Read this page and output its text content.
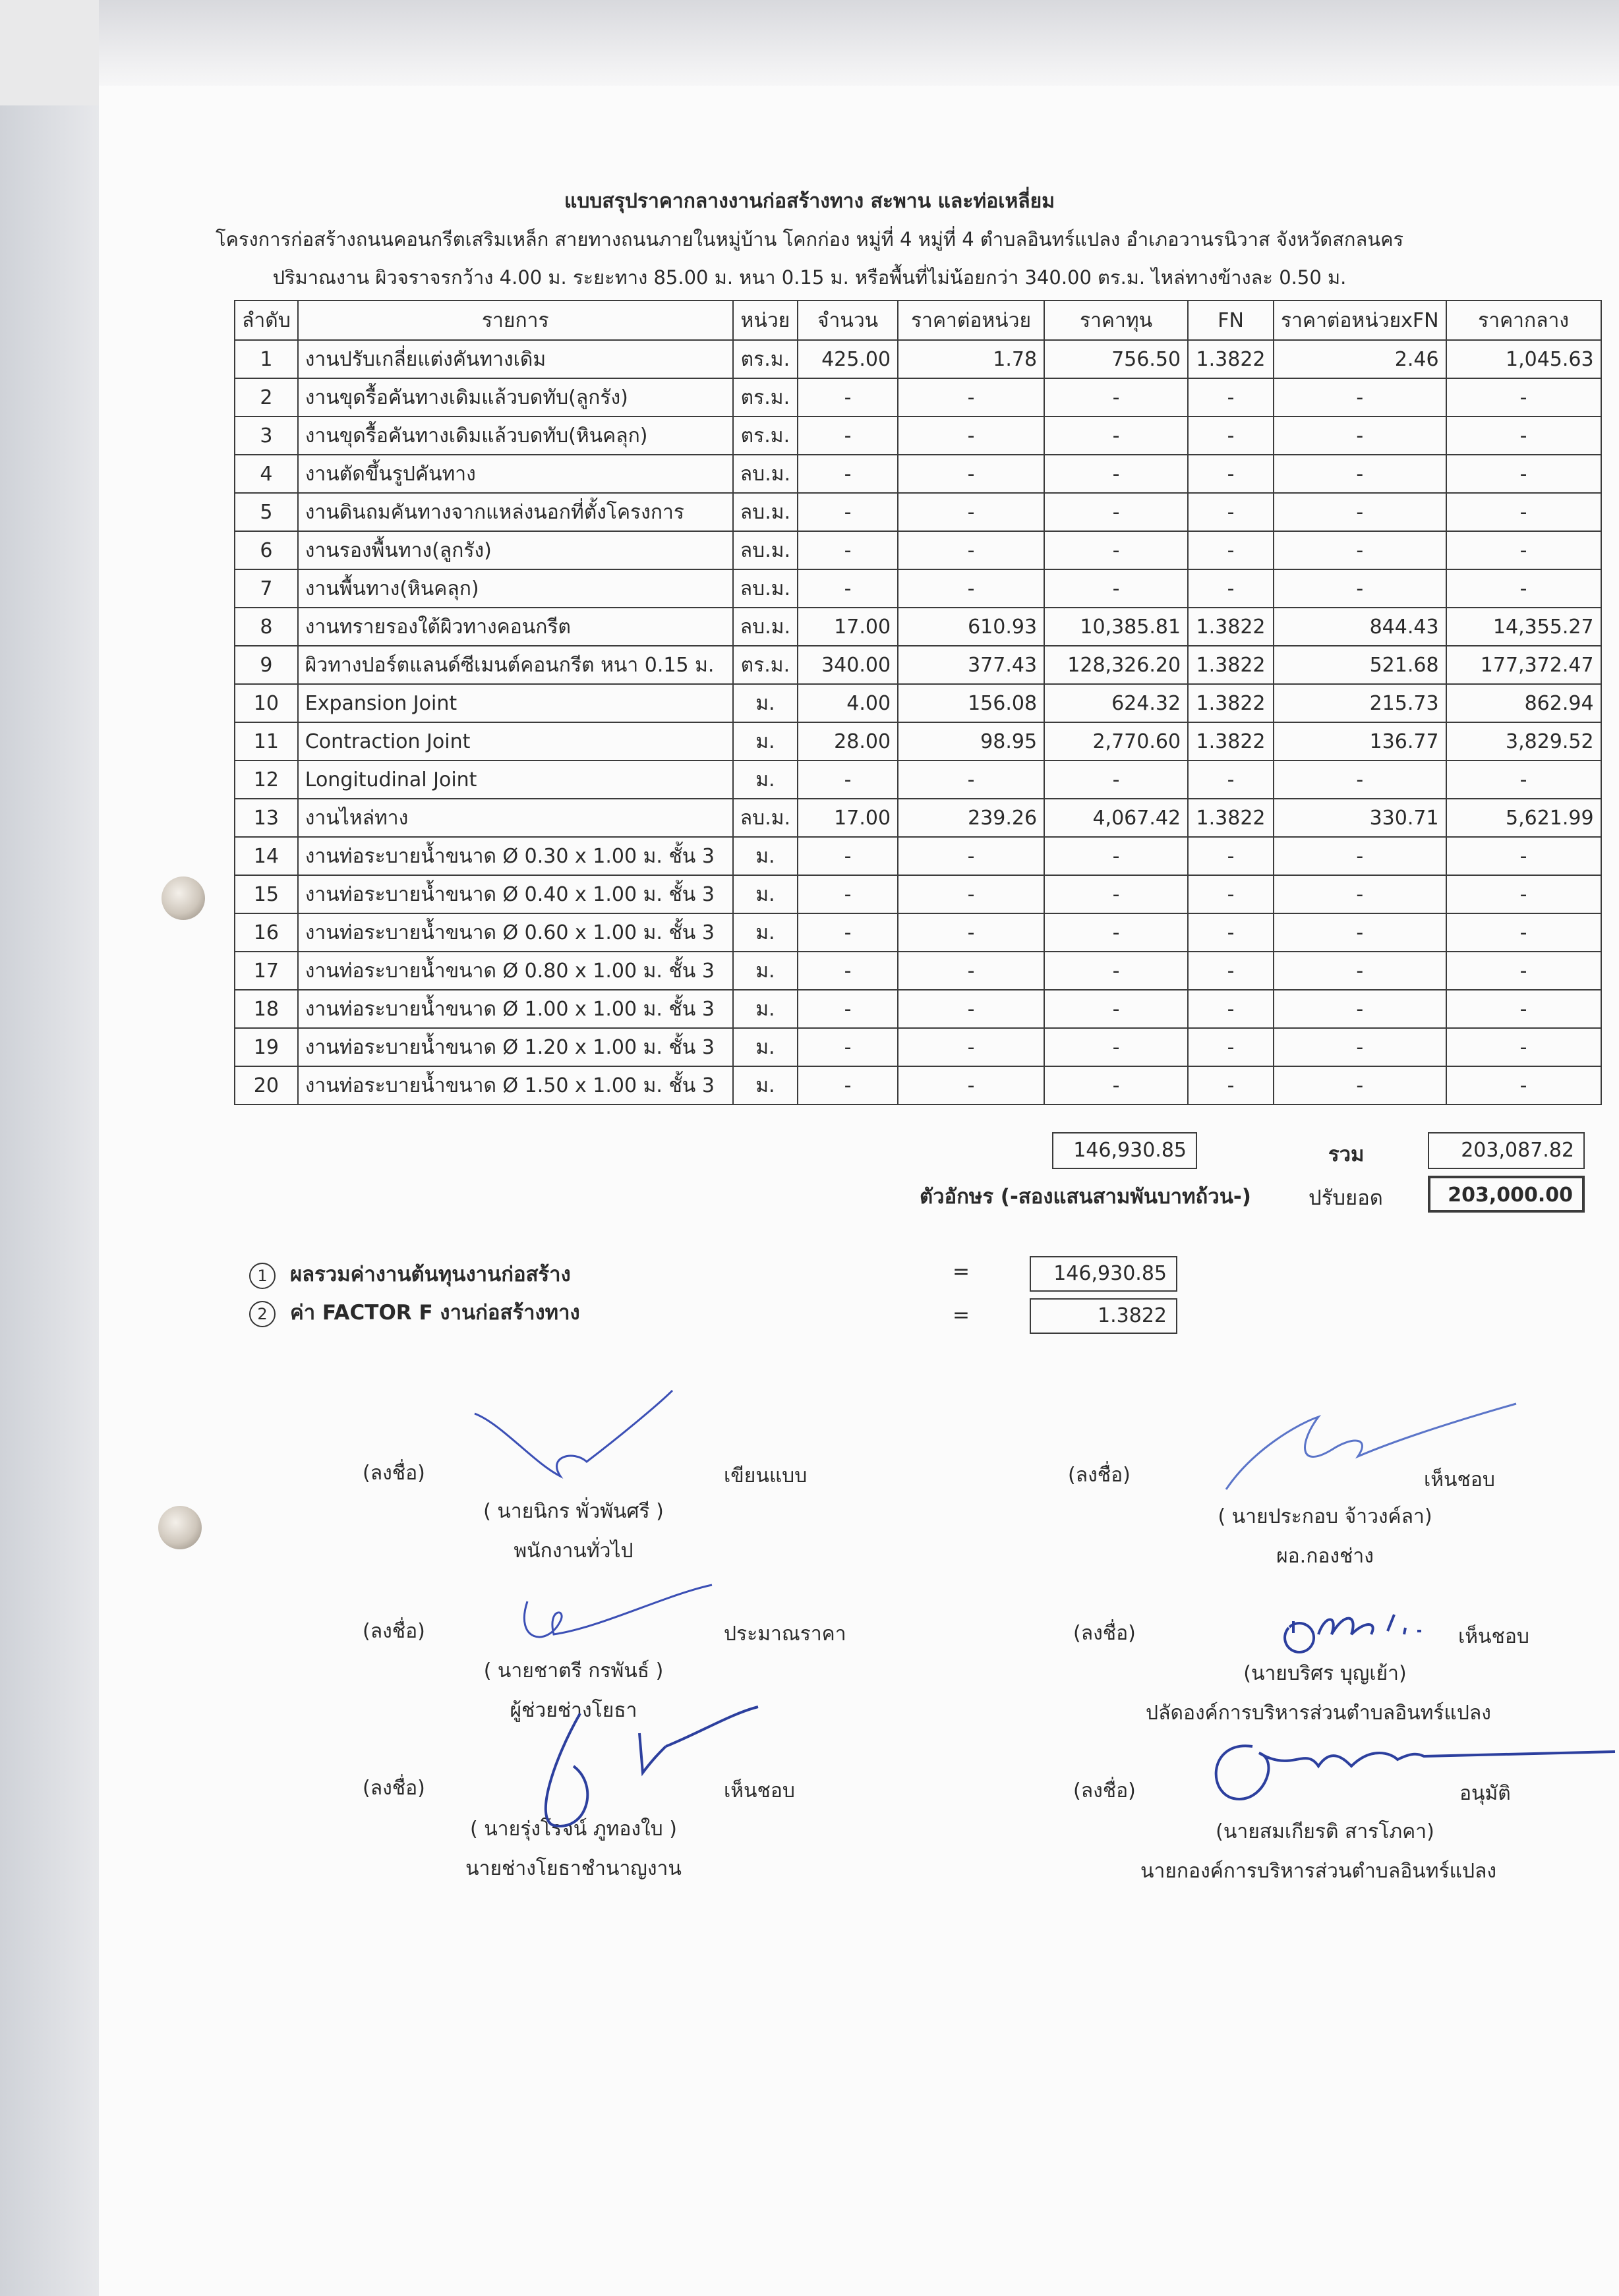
แบบสรุปราคากลางงานก่อสร้างทาง สะพาน และท่อเหลี่ยม
โครงการก่อสร้างถนนคอนกรีตเสริมเหล็ก สายทางถนนภายในหมู่บ้าน โคกก่อง หมู่ที่ 4 หมู่ที่ 4 ตำบลอินทร์แปลง อำเภอวานรนิวาส จังหวัดสกลนคร
ปริมาณงาน ผิวจราจรกว้าง 4.00 ม. ระยะทาง 85.00 ม. หนา 0.15 ม. หรือพื้นที่ไม่น้อยกว่า 340.00 ตร.ม. ไหล่ทางข้างละ 0.50 ม.
ลำดับ	รายการ	หน่วย	จำนวน	ราคาต่อหน่วย	ราคาทุน	FN	ราคาต่อหน่วยxFN	ราคากลาง
1	งานปรับเกลี่ยแต่งคันทางเดิม	ตร.ม.	425.00	1.78	756.50	1.3822	2.46	1,045.63
2	งานขุดรื้อคันทางเดิมแล้วบดทับ(ลูกรัง)	ตร.ม.	-	-	-	-	-	-
3	งานขุดรื้อคันทางเดิมแล้วบดทับ(หินคลุก)	ตร.ม.	-	-	-	-	-	-
4	งานตัดขึ้นรูปคันทาง	ลบ.ม.	-	-	-	-	-	-
5	งานดินถมคันทางจากแหล่งนอกที่ตั้งโครงการ	ลบ.ม.	-	-	-	-	-	-
6	งานรองพื้นทาง(ลูกรัง)	ลบ.ม.	-	-	-	-	-	-
7	งานพื้นทาง(หินคลุก)	ลบ.ม.	-	-	-	-	-	-
8	งานทรายรองใต้ผิวทางคอนกรีต	ลบ.ม.	17.00	610.93	10,385.81	1.3822	844.43	14,355.27
9	ผิวทางปอร์ตแลนด์ซีเมนต์คอนกรีต หนา 0.15 ม.	ตร.ม.	340.00	377.43	128,326.20	1.3822	521.68	177,372.47
10	Expansion Joint	ม.	4.00	156.08	624.32	1.3822	215.73	862.94
11	Contraction Joint	ม.	28.00	98.95	2,770.60	1.3822	136.77	3,829.52
12	Longitudinal Joint	ม.	-	-	-	-	-	-
13	งานไหล่ทาง	ลบ.ม.	17.00	239.26	4,067.42	1.3822	330.71	5,621.99
14	งานท่อระบายน้ำขนาด Ø 0.30 x 1.00 ม. ชั้น 3	ม.	-	-	-	-	-	-
15	งานท่อระบายน้ำขนาด Ø 0.40 x 1.00 ม. ชั้น 3	ม.	-	-	-	-	-	-
16	งานท่อระบายน้ำขนาด Ø 0.60 x 1.00 ม. ชั้น 3	ม.	-	-	-	-	-	-
17	งานท่อระบายน้ำขนาด Ø 0.80 x 1.00 ม. ชั้น 3	ม.	-	-	-	-	-	-
18	งานท่อระบายน้ำขนาด Ø 1.00 x 1.00 ม. ชั้น 3	ม.	-	-	-	-	-	-
19	งานท่อระบายน้ำขนาด Ø 1.20 x 1.00 ม. ชั้น 3	ม.	-	-	-	-	-	-
20	งานท่อระบายน้ำขนาด Ø 1.50 x 1.00 ม. ชั้น 3	ม.	-	-	-	-	-	-
146,930.85	รวม	203,087.82
ตัวอักษร (-สองแสนสามพันบาทถ้วน-)	ปรับยอด	203,000.00
1 ผลรวมค่างานต้นทุนงานก่อสร้าง	=	146,930.85
2 ค่า FACTOR F งานก่อสร้างทาง	=	1.3822
(ลงชื่อ)	เขียนแบบ
( นายนิกร พั่วพันศรี )
พนักงานทั่วไป
(ลงชื่อ)	เห็นชอบ
( นายประกอบ จ้าวงค์ลา)
ผอ.กองช่าง
(ลงชื่อ)	ประมาณราคา
( นายชาตรี กรพันธ์ )
ผู้ช่วยช่างโยธา
(ลงชื่อ)	เห็นชอบ
(นายบริศร บุญเย้า)
ปลัดองค์การบริหารส่วนตำบลอินทร์แปลง
(ลงชื่อ)	เห็นชอบ
( นายรุ่งโรจน์ ภูทองใบ )
นายช่างโยธาชำนาญงาน
(ลงชื่อ)	อนุมัติ
(นายสมเกียรติ สารโภคา)
นายกองค์การบริหารส่วนตำบลอินทร์แปลง
